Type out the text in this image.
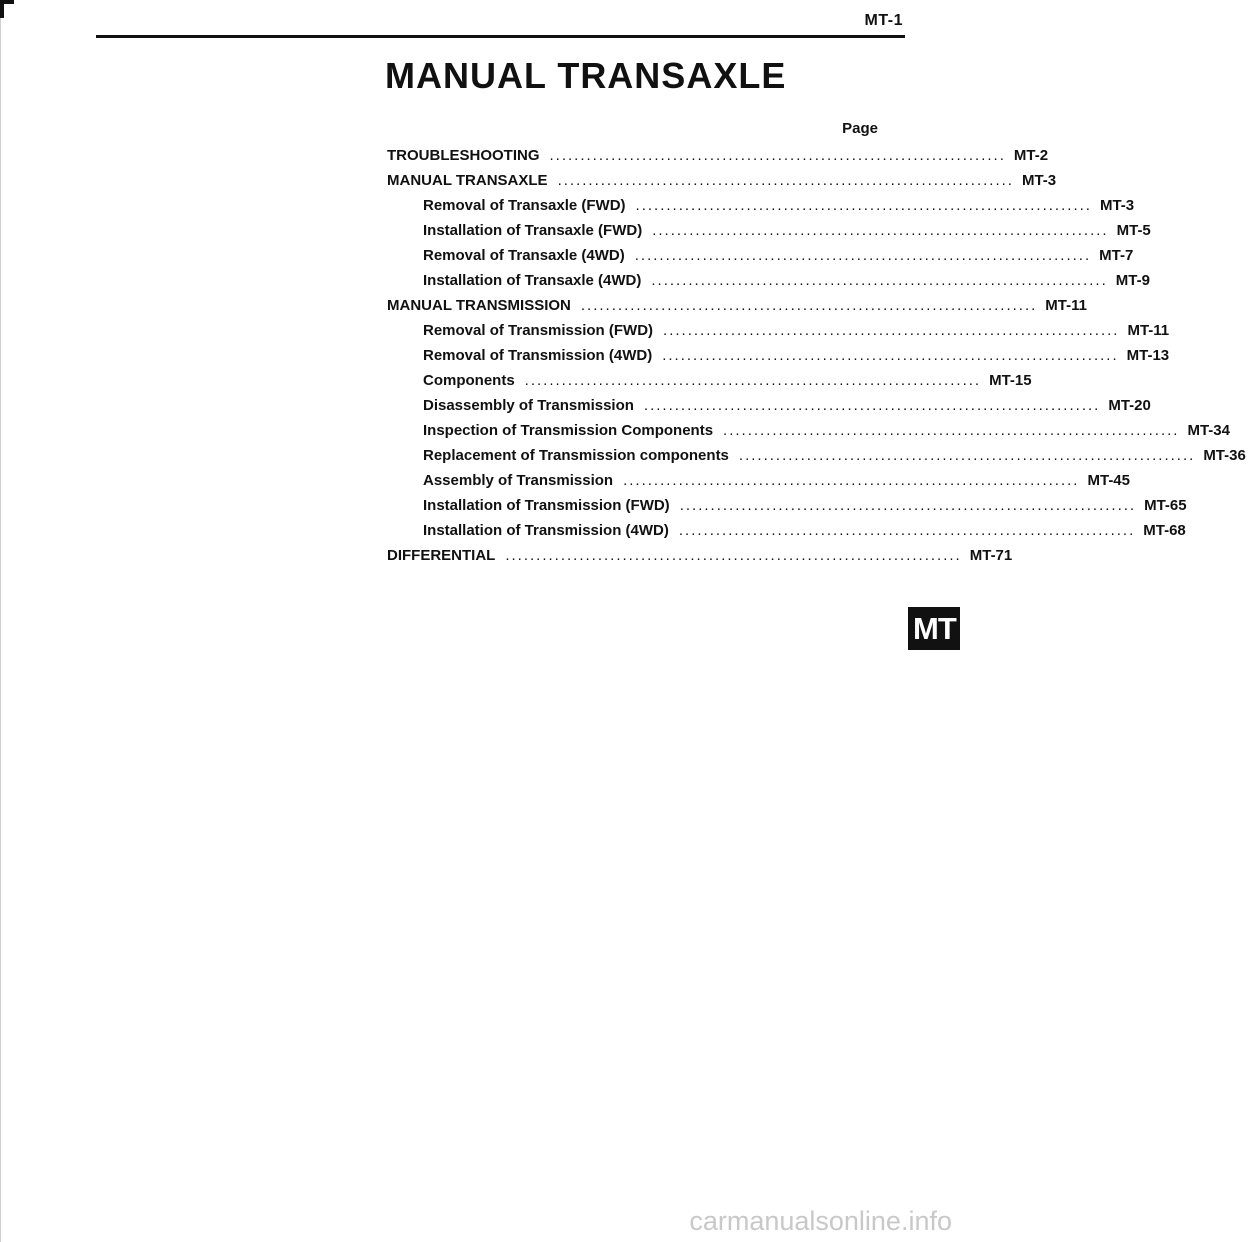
MT-1
MANUAL TRANSAXLE
Page
TROUBLESHOOTING .......................................................................... MT-2
MANUAL TRANSAXLE .......................................................................... MT-3
Removal of Transaxle (FWD) .......................................................................... MT-3
Installation of Transaxle (FWD) .......................................................................... MT-5
Removal of Transaxle (4WD) .......................................................................... MT-7
Installation of Transaxle (4WD) .......................................................................... MT-9
MANUAL TRANSMISSION .......................................................................... MT-11
Removal of Transmission (FWD) .......................................................................... MT-11
Removal of Transmission (4WD) .......................................................................... MT-13
Components .......................................................................... MT-15
Disassembly of Transmission .......................................................................... MT-20
Inspection of Transmission Components .......................................................................... MT-34
Replacement of Transmission components .......................................................................... MT-36
Assembly of Transmission .......................................................................... MT-45
Installation of Transmission (FWD) .......................................................................... MT-65
Installation of Transmission (4WD) .......................................................................... MT-68
DIFFERENTIAL .......................................................................... MT-71
MT
carmanualsonline.info
